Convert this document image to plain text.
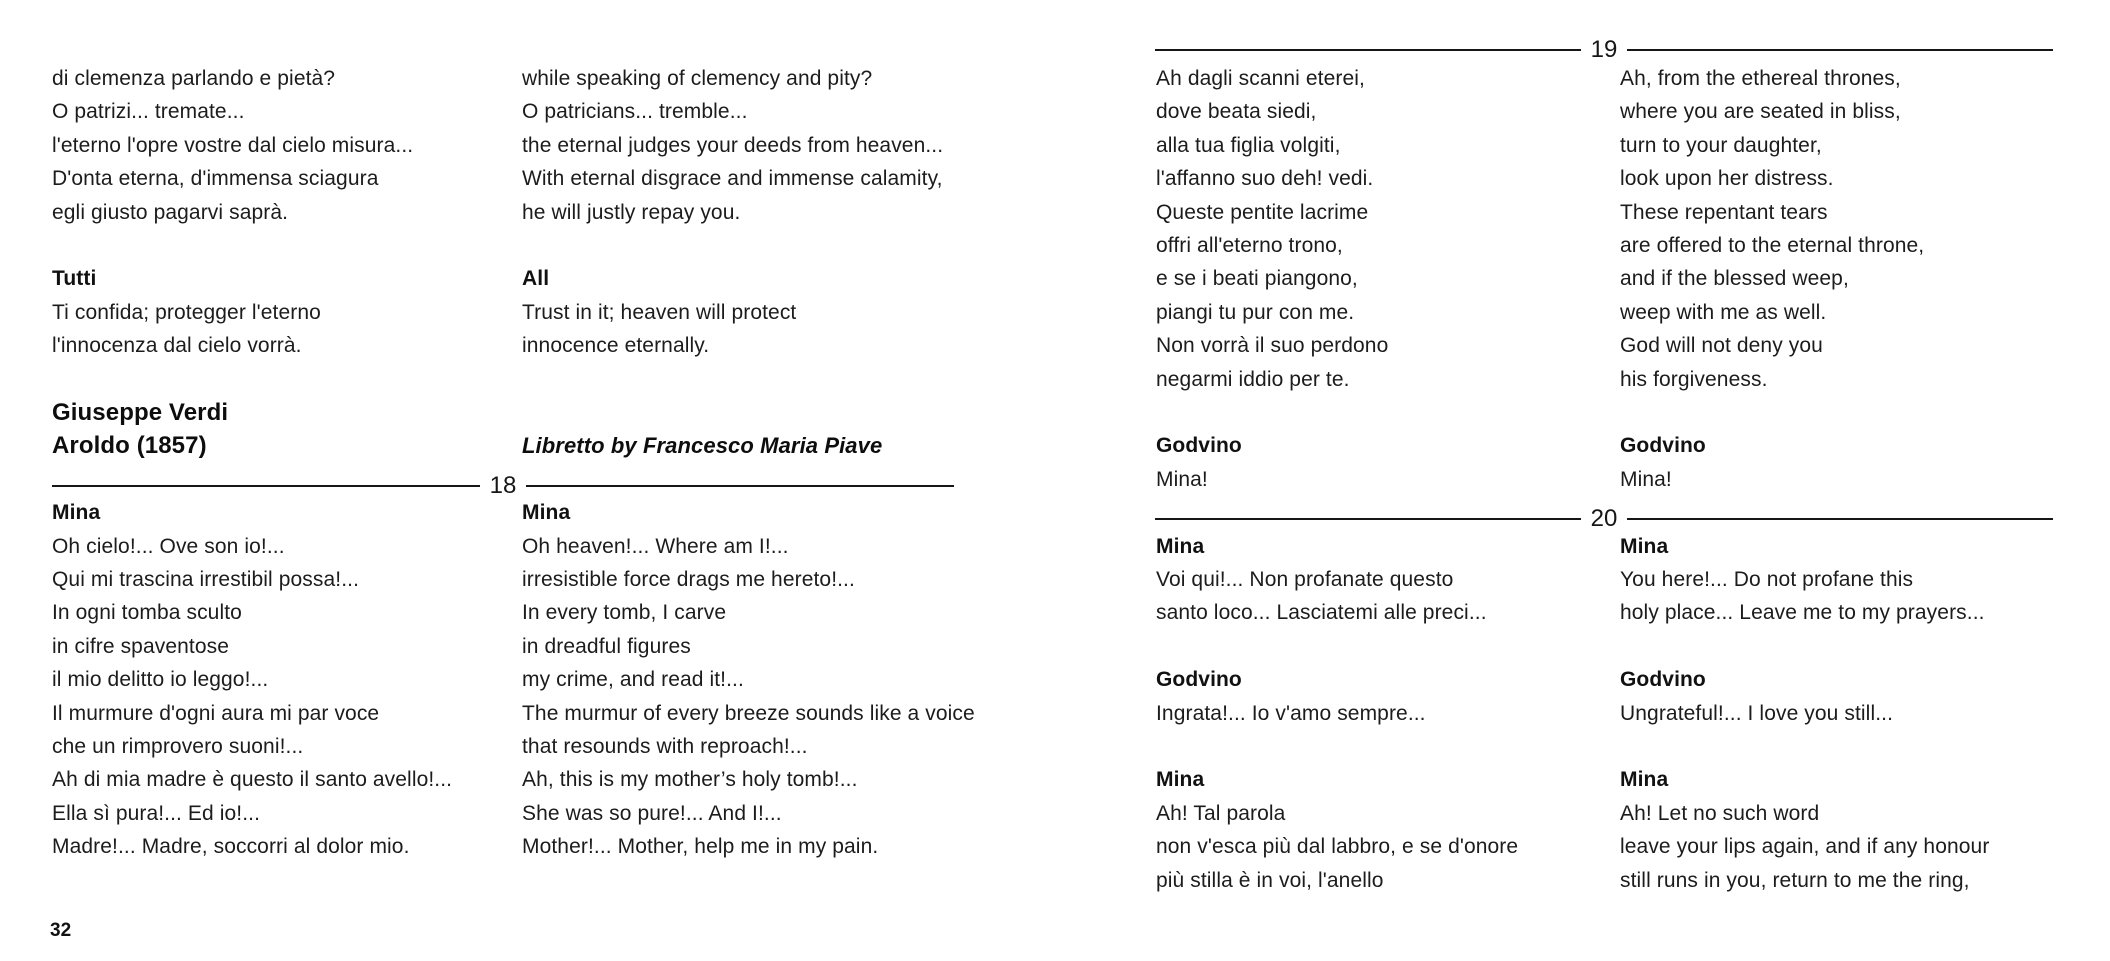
di clemenza parlando e pietà?
O patrizi... tremate...
l'eterno l'opre vostre dal cielo misura...
D'onta eterna, d'immensa sciagura
egli giusto pagarvi saprà.
Tutti
Ti confida; protegger l'eterno
l'innocenza dal cielo vorrà.
Giuseppe Verdi
Aroldo (1857)
Mina
Oh cielo!... Ove son io!...
Qui mi trascina irrestibil possa!...
In ogni tomba sculto
in cifre spaventose
il mio delitto io leggo!...
Il murmure d'ogni aura mi par voce
che un rimprovero suoni!...
Ah di mia madre è questo il santo avello!...
Ella sì pura!... Ed io!...
Madre!... Madre, soccorri al dolor mio.
while speaking of clemency and pity?
O patricians... tremble...
the eternal judges your deeds from heaven...
With eternal disgrace and immense calamity,
he will justly repay you.
All
Trust in it; heaven will protect
innocence eternally.
Libretto by Francesco Maria Piave
Mina
Oh heaven!... Where am I!...
irresistible force drags me hereto!...
In every tomb, I carve
in dreadful figures
my crime, and read it!...
The murmur of every breeze sounds like a voice
that resounds with reproach!...
Ah, this is my mother’s holy tomb!...
She was so pure!... And I!...
Mother!... Mother, help me in my pain.
Ah dagli scanni eterei,
dove beata siedi,
alla tua figlia volgiti,
l'affanno suo deh! vedi.
Queste pentite lacrime
offri all'eterno trono,
e se i beati piangono,
piangi tu pur con me.
Non vorrà il suo perdono
negarmi iddio per te.
Godvino
Mina!
Mina
Voi qui!... Non profanate questo
santo loco... Lasciatemi alle preci...
Godvino
Ingrata!... Io v'amo sempre...
Mina
Ah! Tal parola
non v'esca più dal labbro, e se d'onore
più stilla è in voi, l'anello
Ah, from the ethereal thrones,
where you are seated in bliss,
turn to your daughter,
look upon her distress.
These repentant tears
are offered to the eternal throne,
and if the blessed weep,
weep with me as well.
God will not deny you
his forgiveness.
Godvino
Mina!
Mina
You here!... Do not profane this
holy place... Leave me to my prayers...
Godvino
Ungrateful!... I love you still...
Mina
Ah! Let no such word
leave your lips again, and if any honour
still runs in you, return to me the ring,
18
19
20
32
